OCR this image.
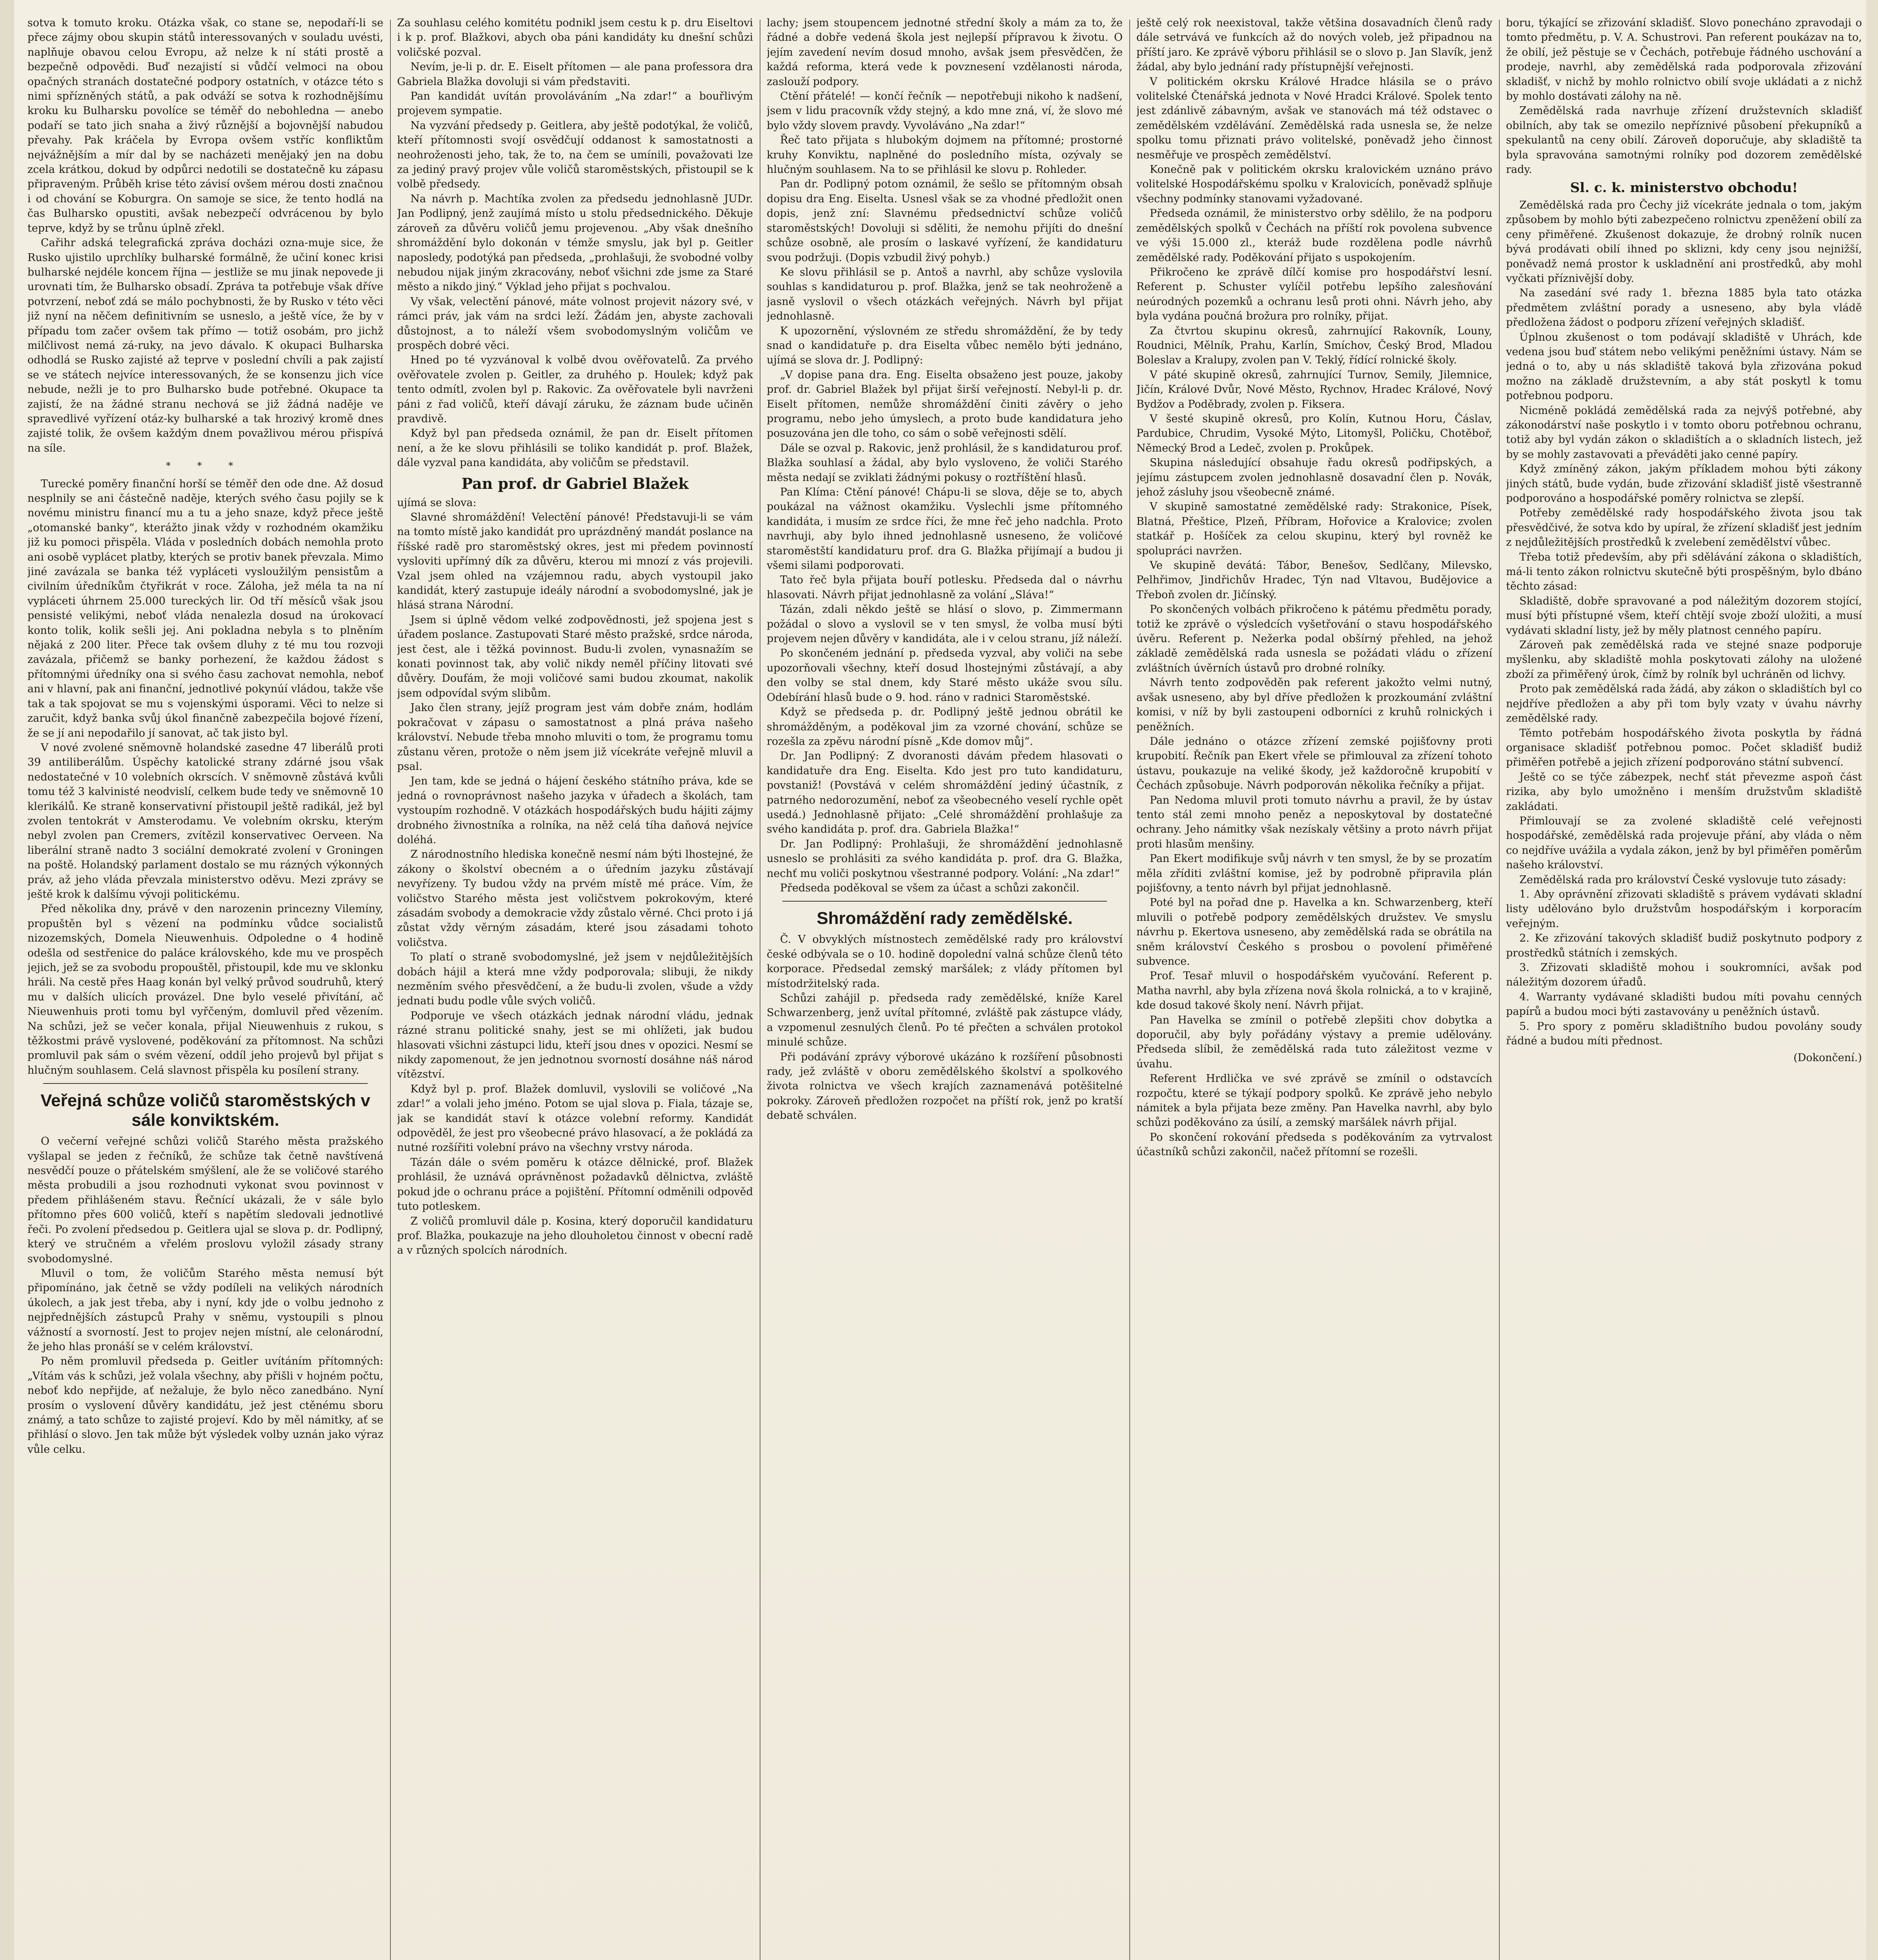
sotva k tomuto kroku. Otázka však, co stane se, nepodaří-li se přece zájmy obou skupin států interessovaných v souladu uvésti, naplňuje obavou celou Evropu, až nelze k ní státi prostě a bezpečně odpovědi. Buď nezajistí si vůdčí velmoci na obou opačných stranách dostatečné podpory ostatních, v otázce této s nimi spřízněných států, a pak odváží se sotva k rozhodnějšímu kroku ku Bulharsku povolíce se téměř do nebohledna — anebo podaří se tato jich snaha a živý různější a bojovnější nabudou převahy. Pak kráčela by Evropa ovšem vstříc konfliktům nejvážnějším a mír dal by se nacházeti menějaký jen na dobu zcela krátkou, dokud by odpůrci nedotili se dostatečně ku zápasu připraveným. Průběh krise této závisí ovšem mérou dosti značnou i od chování se Koburgra. On samoje se sice, že tento hodlá na čas Bulharsko opustiti, avšak nebezpečí odvrácenou by bylo teprve, když by se trůnu úplně zřekl.

Cařihr adská telegrafická zpráva docházi ozna-muje sice, že Rusko ujistilo uprchlíky bulharské formálně, že učiní konec krisi bulharské nejdéle koncem října — jestliže se mu jinak nepovede ji urovnati tím, že Bulharsko obsadí. Zpráva ta potřebuje však dříve potvrzení, neboť zdá se málo pochybnosti, že by Rusko v této věci již nyní na něčem definitivním se usneslo, a ještě více, že by v případu tom začer ovšem tak přímo — totiž osobám, pro jichž milčlivost nemá zá-ruky, na jevo dávalo. K okupaci Bulharska odhodlá se Rusko zajisté až teprve v poslední chvíli a pak zajistí se ve státech nejvíce interessovaných, že se konsenzu jich více nebude, nežli je to pro Bulharsko bude potřebné. Okupace ta zajistí, že na žádné stranu nechová se již žádná naděje ve spravedlivé vyřízení otáz-ky bulharské a tak hrozivý kromě dnes zajisté tolik, že ovšem každým dnem považlivou mérou přispívá na síle.

* * *

Turecké poměry finanční horší se téměř den ode dne. Až dosud nesplnily se ani částečně naděje, kterých svého času pojily se k novému ministru financí mu a tu a jeho snaze, když přece ještě „otomanské banky“, kterážto jinak vždy v rozhodném okamžiku již ku pomoci přispěla. Vláda v posledních dobách nemohla proto ani osobě vyplácet platby, kterých se protiv banek převzala. Mimo jiné zavázala se banka též vypláceti vysloužilým pensistům a civilním úředníkům čtyřikrát v roce. Záloha, jež méla ta na ní vypláceti úhrnem 25.000 tureckých lir. Od tří měsíců však jsou pensisté velikými, neboť vláda nenalezla dosud na úrokovací konto tolik, kolik sešli jej. Ani pokladna nebyla s to plněním nějaká z 200 liter. Přece tak ovšem dluhy z té mu tou rozvoji zavázala, přičemž se banky porhezení, že každou žádost s přítomnými úředníky ona si svého času zachovat nemohla, neboť ani v hlavní, pak ani finanční, jednotlivé pokynúí vládou, takže vše tak a tak spojovat se mu s vojenskými úsporami. Věci to nelze si zaručit, když banka svůj úkol finančně zabezpečila bojové řízení, že se jí ani nepodařilo jí sanovat, ač tak jisto byl.

V nové zvolené sněmovně holandské zasedne 47 liberálů proti 39 antiliberálům. Úspěchy katolické strany zdárné jsou však nedostatečné v 10 volebních okrscích. V sněmovně zůstává kvůli tomu též 3 kalvinisté neodvislí, celkem bude tedy ve sněmovně 10 klerikálů. Ke straně konservativní přistoupil ještě radikál, jež byl zvolen tentokrát v Amsterodamu. Ve volebním okrsku, kterým nebyl zvolen pan Cremers, zvítězil konservativec Oerveen. Na liberální straně nadto 3 sociální demokraté zvolení v Groningen na poště. Holandský parlament dostalo se mu rázných výkonných práv, až jeho vláda převzala ministerstvo oděvu. Mezi zprávy se ještě krok k dalšímu vývoji politickému.

Před několika dny, právě v den narozenin princezny Vilemíny, propuštěn byl s vězení na podmínku vůdce socialistů nizozemských, Domela Nieuwenhuis. Odpoledne o 4 hodině odešla od sestřenice do paláce královského, kde mu ve prospěch jejich, jež se za svobodu propouštěl, přistoupil, kde mu ve sklonku hráli. Na cestě přes Haag konán byl velký průvod soudruhů, který mu v dalších ulicích provázel. Dne bylo veselé přivítání, ač Nieuwenhuis proti tomu byl vyřčeným, domluvil před vězením. Na schůzi, jež se večer konala, přijal Nieuwenhuis z rukou, s těžkostmi právě vyslovené, poděkování za přítomnost. Na schůzi promluvil pak sám o svém vězení, oddíl jeho projevů byl přijat s hlučným souhlasem. Celá slavnost přispěla ku posílení strany.

Veřejná schůze voličů staroměstských v sále konviktském.

O večerní veřejné schůzi voličů Starého města pražského vyšlapal se jeden z řečníků, že schůze tak četně navštívená nesvědčí pouze o přátelském smýšlení, ale že se voličové starého města probudili a jsou rozhodnuti vykonat svou povinnost v předem přihlášeném stavu. Řečnící ukázali, že v sále bylo přítomno přes 600 voličů, kteří s napětím sledovali jednotlivé řeči. Po zvolení předsedou p. Geitlera ujal se slova p. dr. Podlipný, který ve stručném a vřelém proslovu vyložil zásady strany svobodomyslné.

Mluvil o tom, že voličům Starého města nemusí být připomínáno, jak četně se vždy podíleli na velikých národních úkolech, a jak jest třeba, aby i nyní, kdy jde o volbu jednoho z nejpřednějších zástupců Prahy v sněmu, vystoupili s plnou vážností a svorností. Jest to projev nejen místní, ale celonárodní, že jeho hlas pronáší se v celém království.

Po něm promluvil předseda p. Geitler uvítáním přítomných: „Vítám vás k schůzi, jež volala všechny, aby přišli v hojném počtu, neboť kdo nepřijde, ať nežaluje, že bylo něco zanedbáno. Nyní prosím o vyslovení důvěry kandidátu, jež jest ctěnému sboru známý, a tato schůze to zajisté projeví. Kdo by měl námitky, ať se přihlásí o slovo. Jen tak může být výsledek volby uznán jako výraz vůle celku.

Za souhlasu celého komitétu podnikl jsem cestu k p. dru Eiseltovi i k p. prof. Blažkovi, abych oba páni kandidáty ku dnešní schůzi voličské pozval.

Nevím, je-li p. dr. E. Eiselt přítomen — ale pana professora dra Gabriela Blažka dovoluji si vám představiti.

Pan kandidát uvítán provoláváním „Na zdar!“ a bouřlivým projevem sympatie.

Na vyzvání předsedy p. Geitlera, aby ještě podotýkal, že voličů, kteří přítomnosti svojí osvědčují oddanost k samostatnosti a neohroženosti jeho, tak, že to, na čem se umínili, považovati lze za jediný pravý projev vůle voličů staroměstských, přistoupil se k volbě předsedy.

Na návrh p. Machtíka zvolen za předsedu jednohlasně JUDr. Jan Podlipný, jenž zaujímá místo u stolu předsednického. Děkuje zároveň za důvěru voličů jemu projevenou. „Aby však dnešního shromáždění bylo dokonán v témže smyslu, jak byl p. Geitler naposledy, podotýká pan předseda, „prohlašuji, že svobodné volby nebudou nijak jiným zkracovány, neboť všichni zde jsme za Staré město a nikdo jiný.“ Výklad jeho přijat s pochvalou.

Vy však, velectění pánové, máte volnost projevit názory své, v rámci práv, jak vám na srdci leží. Žádám jen, abyste zachovali důstojnost, a to náleží všem svobodomyslným voličům ve prospěch dobré věci.

Hned po té vyzvánoval k volbě dvou ověřovatelů. Za prvého ověřovatele zvolen p. Geitler, za druhého p. Houlek; když pak tento odmítl, zvolen byl p. Rakovic. Za ověřovatele byli navrženi páni z řad voličů, kteří dávají záruku, že záznam bude učiněn pravdivě.

Když byl pan předseda oznámil, že pan dr. Eiselt přítomen není, a že ke slovu přihlásili se toliko kandidát p. prof. Blažek, dále vyzval pana kandidáta, aby voličům se představil.

Pan prof. dr Gabriel Blažek

ujímá se slova:

Slavné shromáždění! Velectění pánové! Představuji-li se vám na tomto místě jako kandidát pro uprázdněný mandát poslance na říšské radě pro staroměstský okres, jest mi předem povinností vysloviti upřímný dík za důvěru, kterou mi mnozí z vás projevili. Vzal jsem ohled na vzájemnou radu, abych vystoupil jako kandidát, který zastupuje ideály národní a svobodomyslné, jak je hlásá strana Národní.

Jsem si úplně vědom velké zodpovědnosti, jež spojena jest s úřadem poslance. Zastupovati Staré město pražské, srdce národa, jest čest, ale i těžká povinnost. Budu-li zvolen, vynasnažím se konati povinnost tak, aby volič nikdy neměl příčiny litovati své důvěry. Doufám, že moji voličové sami budou zkoumat, nakolik jsem odpovídal svým slibům.

Jako člen strany, jejíž program jest vám dobře znám, hodlám pokračovat v zápasu o samostatnost a plná práva našeho království. Nebude třeba mnoho mluviti o tom, že programu tomu zůstanu věren, protože o něm jsem již vícekráte veřejně mluvil a psal.

Jen tam, kde se jedná o hájení českého státního práva, kde se jedná o rovnoprávnost našeho jazyka v úřadech a školách, tam vystoupím rozhodně. V otázkách hospodářských budu hájiti zájmy drobného živnostníka a rolníka, na něž celá tíha daňová nejvíce doléhá.

Z národnostního hlediska konečně nesmí nám býti lhostejné, že zákony o školství obecném a o úředním jazyku zůstávají nevyřízeny. Ty budou vždy na prvém místě mé práce. Vím, že voličstvo Starého města jest voličstvem pokrokovým, které zásadám svobody a demokracie vždy zůstalo věrné. Chci proto i já zůstat vždy věrným zásadám, které jsou zásadami tohoto voličstva.

To platí o straně svobodomyslné, jež jsem v nejdůležitějších dobách hájil a která mne vždy podporovala; slibuji, že nikdy nezměním svého přesvědčení, a že budu-li zvolen, všude a vždy jednati budu podle vůle svých voličů.

Podporuje ve všech otázkách jednak národní vládu, jednak rázné stranu politické snahy, jest se mi ohlížeti, jak budou hlasovati všichni zástupci lidu, kteří jsou dnes v opozici. Nesmí se nikdy zapomenout, že jen jednotnou svorností dosáhne náš národ vítězství.

Když byl p. prof. Blažek domluvil, vyslovili se voličové „Na zdar!“ a volali jeho jméno. Potom se ujal slova p. Fiala, tázaje se, jak se kandidát staví k otázce volební reformy. Kandidát odpověděl, že jest pro všeobecné právo hlasovací, a že pokládá za nutné rozšířiti volební právo na všechny vrstvy národa.

Tázán dále o svém poměru k otázce dělnické, prof. Blažek prohlásil, že uznává oprávněnost požadavků dělnictva, zvláště pokud jde o ochranu práce a pojištění. Přítomní odměnili odpověď tuto potleskem.

Z voličů promluvil dále p. Kosina, který doporučil kandidaturu prof. Blažka, poukazuje na jeho dlouholetou činnost v obecní radě a v různých spolcích národních.

lachy; jsem stoupencem jednotné střední školy a mám za to, že řádné a dobře vedená škola jest nejlepší přípravou k životu. O jejím zavedení nevím dosud mnoho, avšak jsem přesvědčen, že každá reforma, která vede k povznesení vzdělanosti národa, zaslouží podpory.

Ctění přátelé! — končí řečník — nepotřebuji nikoho k nadšení, jsem v lidu pracovník vždy stejný, a kdo mne zná, ví, že slovo mé bylo vždy slovem pravdy. Vyvoláváno „Na zdar!“

Řeč tato přijata s hlubokým dojmem na přítomné; prostorné kruhy Konviktu, naplněné do posledního místa, ozývaly se hlučným souhlasem. Na to se přihlásil ke slovu p. Rohleder.

Pan dr. Podlipný potom oznámil, že sešlo se přítomným obsah dopisu dra Eng. Eiselta. Usnesl však se za vhodné předložit onen dopis, jenž zní: Slavnému předsednictví schůze voličů staroměstských! Dovoluji si sděliti, že nemohu přijíti do dnešní schůze osobně, ale prosím o laskavé vyřízení, že kandidaturu svou podržuji. (Dopis vzbudil živý pohyb.)

Ke slovu přihlásil se p. Antoš a navrhl, aby schůze vyslovila souhlas s kandidaturou p. prof. Blažka, jenž se tak neohroženě a jasně vyslovil o všech otázkách veřejných. Návrh byl přijat jednohlasně.

K upozornění, výslovném ze středu shromáždění, že by tedy snad o kandidatuře p. dra Eiselta vůbec nemělo býti jednáno, ujímá se slova dr. J. Podlipný:

„V dopise pana dra. Eng. Eiselta obsaženo jest pouze, jakoby prof. dr. Gabriel Blažek byl přijat širší veřejností. Nebyl-li p. dr. Eiselt přítomen, nemůže shromáždění činiti závěry o jeho programu, nebo jeho úmyslech, a proto bude kandidatura jeho posuzována jen dle toho, co sám o sobě veřejnosti sdělí.

Dále se ozval p. Rakovic, jenž prohlásil, že s kandidaturou prof. Blažka souhlasí a žádal, aby bylo vysloveno, že voliči Starého města nedají se zviklati žádnými pokusy o roztříštění hlasů.

Pan Klíma: Ctění pánové! Chápu-li se slova, děje se to, abych poukázal na vážnost okamžiku. Vyslechli jsme přítomného kandidáta, i musím ze srdce říci, že mne řeč jeho nadchla. Proto navrhuji, aby bylo ihned jednohlasně usneseno, že voličové staroměstští kandidaturu prof. dra G. Blažka přijímají a budou ji všemi silami podporovati.

Tato řeč byla přijata bouří potlesku. Předseda dal o návrhu hlasovati. Návrh přijat jednohlasně za volání „Sláva!“

Tázán, zdali někdo ještě se hlásí o slovo, p. Zimmermann požádal o slovo a vyslovil se v ten smysl, že volba musí býti projevem nejen důvěry v kandidáta, ale i v celou stranu, jíž náleží.

Po skončeném jednání p. předseda vyzval, aby voliči na sebe upozorňovali všechny, kteří dosud lhostejnými zůstávají, a aby den volby se stal dnem, kdy Staré město ukáže svou sílu. Odebírání hlasů bude o 9. hod. ráno v radnici Staroměstské.

Když se předseda p. dr. Podlipný ještě jednou obrátil ke shromážděným, a poděkoval jim za vzorné chování, schůze se rozešla za zpěvu národní písně „Kde domov můj“.

Dr. Jan Podlipný: Z dvoranosti dávám předem hlasovati o kandidatuře dra Eng. Eiselta. Kdo jest pro tuto kandidaturu, povstaniž! (Povstává v celém shromáždění jediný účastník, z patrného nedorozumění, neboť za všeobecného veselí rychle opět usedá.) Jednohlasně přijato: „Celé shromáždění prohlašuje za svého kandidáta p. prof. dra. Gabriela Blažka!“

Dr. Jan Podlipný: Prohlašuji, že shromáždění jednohlasně usneslo se prohlásiti za svého kandidáta p. prof. dra G. Blažka, nechť mu voliči poskytnou všestranné podpory. Volání: „Na zdar!“

Předseda poděkoval se všem za účast a schůzi zakončil.

Shromáždění rady zemědělské.

Č. V obvyklých místnostech zemědělské rady pro království české odbývala se o 10. hodině dopolední valná schůze členů této korporace. Předsedal zemský maršálek; z vlády přítomen byl místodržitelský rada.

Schůzi zahájil p. předseda rady zemědělské, kníže Karel Schwarzenberg, jenž uvítal přítomné, zvláště pak zástupce vlády, a vzpomenul zesnulých členů. Po té přečten a schválen protokol minulé schůze.

Při podávání zprávy výborové ukázáno k rozšíření působnosti rady, jež zvláště v oboru zemědělského školství a spolkového života rolnictva ve všech krajích zaznamenává potěšitelné pokroky. Zároveň předložen rozpočet na příští rok, jenž po kratší debatě schválen.

ještě celý rok neexistoval, takže většina dosavadních členů rady dále setrvává ve funkcích až do nových voleb, jež připadnou na příští jaro. Ke zprávě výboru přihlásil se o slovo p. Jan Slavík, jenž žádal, aby bylo jednání rady přístupnější veřejnosti.

V politickém okrsku Králové Hradce hlásila se o právo volitelské Čtenářská jednota v Nové Hradci Králové. Spolek tento jest zdánlivě zábavným, avšak ve stanovách má též odstavec o zemědělském vzdělávání. Zemědělská rada usnesla se, že nelze spolku tomu přiznati právo volitelské, poněvadž jeho činnost nesměřuje ve prospěch zemědělství.

Konečně pak v politickém okrsku kralovickém uznáno právo volitelské Hospodářskému spolku v Kralovicích, poněvadž splňuje všechny podmínky stanovami vyžadované.

Předseda oznámil, že ministerstvo orby sdělilo, že na podporu zemědělských spolků v Čechách na příští rok povolena subvence ve výši 15.000 zl., kteráž bude rozdělena podle návrhů zemědělské rady. Poděkování přijato s uspokojením.

Přikročeno ke zprávě dílčí komise pro hospodářství lesní. Referent p. Schuster vylíčil potřebu lepšího zalesňování neúrodných pozemků a ochranu lesů proti ohni. Návrh jeho, aby byla vydána poučná brožura pro rolníky, přijat.

Za čtvrtou skupinu okresů, zahrnující Rakovník, Louny, Roudnici, Mělník, Prahu, Karlín, Smíchov, Český Brod, Mladou Boleslav a Kralupy, zvolen pan V. Teklý, řídící rolnické školy.

V páté skupině okresů, zahrnující Turnov, Semily, Jilemnice, Jičín, Králové Dvůr, Nové Město, Rychnov, Hradec Králové, Nový Bydžov a Poděbrady, zvolen p. Fiksera.

V šesté skupině okresů, pro Kolín, Kutnou Horu, Čáslav, Pardubice, Chrudim, Vysoké Mýto, Litomyšl, Poličku, Chotěboř, Německý Brod a Ledeč, zvolen p. Prokůpek.

Skupina následující obsahuje řadu okresů podřipských, a jejímu zástupcem zvolen jednohlasně dosavadní člen p. Novák, jehož zásluhy jsou všeobecně známé.

V skupině samostatné zemědělské rady: Strakonice, Písek, Blatná, Přeštice, Plzeň, Příbram, Hořovice a Kralovice; zvolen statkář p. Hošíček za celou skupinu, který byl rovněž ke spolupráci navržen.

Ve skupině devátá: Tábor, Benešov, Sedlčany, Milevsko, Pelhřimov, Jindřichův Hradec, Týn nad Vltavou, Budějovice a Třeboň zvolen dr. Jičínský.

Po skončených volbách přikročeno k pátému předmětu porady, totiž ke zprávě o výsledcích vyšetřování o stavu hospodářského úvěru. Referent p. Nežerka podal obšírný přehled, na jehož základě zemědělská rada usnesla se požádati vládu o zřízení zvláštních úvěrních ústavů pro drobné rolníky.

Návrh tento zodpověděn pak referent jakožto velmi nutný, avšak usneseno, aby byl dříve předložen k prozkoumání zvláštní komisi, v níž by byli zastoupeni odborníci z kruhů rolnických i peněžních.

Dále jednáno o otázce zřízení zemské pojišťovny proti krupobití. Řečník pan Ekert vřele se přimlouval za zřízení tohoto ústavu, poukazuje na veliké škody, jež každoročně krupobití v Čechách způsobuje. Návrh podporován několika řečníky a přijat.

Pan Nedoma mluvil proti tomuto návrhu a pravil, že by ústav tento stál zemi mnoho peněz a neposkytoval by dostatečné ochrany. Jeho námitky však nezískaly většiny a proto návrh přijat proti hlasům menšiny.

Pan Ekert modifikuje svůj návrh v ten smysl, že by se prozatím měla zříditi zvláštní komise, jež by podrobně připravila plán pojišťovny, a tento návrh byl přijat jednohlasně.

Poté byl na pořad dne p. Havelka a kn. Schwarzenberg, kteří mluvili o potřebě podpory zemědělských družstev. Ve smyslu návrhu p. Ekertova usneseno, aby zemědělská rada se obrátila na sněm království Českého s prosbou o povolení přiměřené subvence.

Prof. Tesař mluvil o hospodářském vyučování. Referent p. Matha navrhl, aby byla zřízena nová škola rolnická, a to v krajině, kde dosud takové školy není. Návrh přijat.

Pan Havelka se zmínil o potřebě zlepšiti chov dobytka a doporučil, aby byly pořádány výstavy a premie udělovány. Předseda slíbil, že zemědělská rada tuto záležitost vezme v úvahu.

Referent Hrdlička ve své zprávě se zmínil o odstavcích rozpočtu, které se týkají podpory spolků. Ke zprávě jeho nebylo námitek a byla přijata beze změny. Pan Havelka navrhl, aby bylo schůzi poděkováno za úsilí, a zemský maršálek návrh přijal.

Po skončení rokování předseda s poděkováním za vytrvalost účastníků schůzi zakončil, načež přítomní se rozešli.

boru, týkající se zřizování skladišť. Slovo ponecháno zpravodaji o tomto předmětu, p. V. A. Schustrovi. Pan referent poukázav na to, že obilí, jež pěstuje se v Čechách, potřebuje řádného uschování a prodeje, navrhl, aby zemědělská rada podporovala zřizování skladišť, v nichž by mohlo rolnictvo obilí svoje ukládati a z nichž by mohlo dostávati zálohy na ně.

Zemědělská rada navrhuje zřízení družstevních skladišť obilních, aby tak se omezilo nepříznivé působení překupníků a spekulantů na ceny obilí. Zároveň doporučuje, aby skladiště ta byla spravována samotnými rolníky pod dozorem zemědělské rady.

Sl. c. k. ministerstvo obchodu!

Zemědělská rada pro Čechy již vícekráte jednala o tom, jakým způsobem by mohlo býti zabezpečeno rolnictvu zpeněžení obilí za ceny přiměřené. Zkušenost dokazuje, že drobný rolník nucen bývá prodávati obilí ihned po sklizni, kdy ceny jsou nejnižší, poněvadž nemá prostor k uskladnění ani prostředků, aby mohl vyčkati příznivější doby.

Na zasedání své rady 1. března 1885 byla tato otázka předmětem zvláštní porady a usneseno, aby byla vládě předložena žádost o podporu zřízení veřejných skladišť.

Úplnou zkušenost o tom podávají skladiště v Uhrách, kde vedena jsou buď státem nebo velikými peněžními ústavy. Nám se jedná o to, aby u nás skladiště taková byla zřizována pokud možno na základě družstevním, a aby stát poskytl k tomu potřebnou podporu.

Nicméně pokládá zemědělská rada za nejvýš potřebné, aby zákonodárství naše poskytlo i v tomto oboru potřebnou ochranu, totiž aby byl vydán zákon o skladištích a o skladních listech, jež by se mohly zastavovati a převáděti jako cenné papíry.

Když zmíněný zákon, jakým příkladem mohou býti zákony jiných států, bude vydán, bude zřizování skladišť jistě všestranně podporováno a hospodářské poměry rolnictva se zlepší.

Potřeby zemědělské rady hospodářského života jsou tak přesvědčivé, že sotva kdo by upíral, že zřízení skladišť jest jedním z nejdůležitějších prostředků k zvelebení zemědělství vůbec.

Třeba totiž především, aby při sdělávání zákona o skladištích, má-li tento zákon rolnictvu skutečně býti prospěšným, bylo dbáno těchto zásad:

Skladiště, dobře spravované a pod náležitým dozorem stojící, musí býti přístupné všem, kteří chtějí svoje zboží uložiti, a musí vydávati skladní listy, jež by měly platnost cenného papíru.

Zároveň pak zemědělská rada ve stejné snaze podporuje myšlenku, aby skladiště mohla poskytovati zálohy na uložené zboží za přiměřený úrok, čímž by rolník byl uchráněn od lichvy.

Proto pak zemědělská rada žádá, aby zákon o skladištích byl co nejdříve předložen a aby při tom byly vzaty v úvahu návrhy zemědělské rady.

Těmto potřebám hospodářského života poskytla by řádná organisace skladišť potřebnou pomoc. Počet skladišť budiž přiměřen potřebě a jejich zřízení podporováno státní subvencí.

Ještě co se týče zábezpek, nechť stát převezme aspoň část rizika, aby bylo umožněno i menším družstvům skladiště zakládati.

Přimlouvají se za zvolené skladiště celé veřejnosti hospodářské, zemědělská rada projevuje přání, aby vláda o něm co nejdříve uvážila a vydala zákon, jenž by byl přiměřen poměrům našeho království.

Zemědělská rada pro království České vyslovuje tuto zásady:

1. Aby oprávnění zřizovati skladiště s právem vydávati skladní listy udělováno bylo družstvům hospodářským i korporacím veřejným.

2. Ke zřizování takových skladišť budiž poskytnuto podpory z prostředků státních i zemských.

3. Zřizovati skladiště mohou i soukromníci, avšak pod náležitým dozorem úřadů.

4. Warranty vydávané skladišti budou míti povahu cenných papírů a budou moci býti zastavovány u peněžních ústavů.

5. Pro spory z poměru skladištního budou povolány soudy řádné a budou míti přednost.

(Dokončení.)
